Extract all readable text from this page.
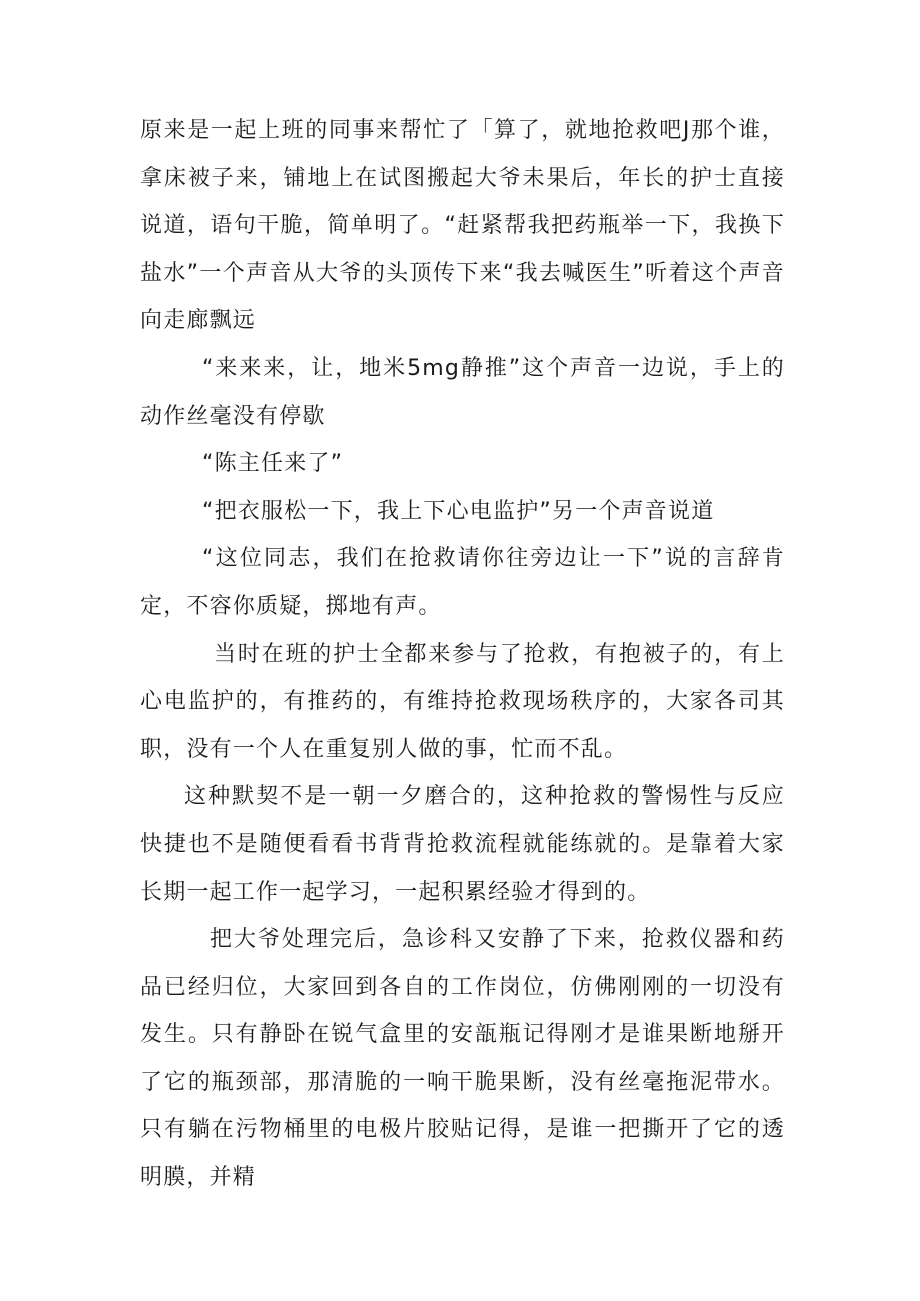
原来是一起上班的同事来帮忙了「算了，就地抢救吧J那个谁，拿床被子来，铺地上在试图搬起大爷未果后，年长的护士直接说道，语句干脆，简单明了。“赶紧帮我把药瓶举一下，我换下盐水”一个声音从大爷的头顶传下来“我去喊医生”听着这个声音向走廊飘远

“来来来，让，地米5mg静推”这个声音一边说，手上的动作丝毫没有停歇

“陈主任来了”

“把衣服松一下，我上下心电监护”另一个声音说道

“这位同志，我们在抢救请你往旁边让一下”说的言辞肯定，不容你质疑，掷地有声。

当时在班的护士全都来参与了抢救，有抱被子的，有上心电监护的，有推药的，有维持抢救现场秩序的，大家各司其职，没有一个人在重复别人做的事，忙而不乱。

这种默契不是一朝一夕磨合的，这种抢救的警惕性与反应快捷也不是随便看看书背背抢救流程就能练就的。是靠着大家长期一起工作一起学习，一起积累经验才得到的。

把大爷处理完后，急诊科又安静了下来，抢救仪器和药品已经归位，大家回到各自的工作岗位，仿佛刚刚的一切没有发生。只有静卧在锐气盒里的安瓿瓶记得刚才是谁果断地掰开了它的瓶颈部，那清脆的一响干脆果断，没有丝毫拖泥带水。只有躺在污物桶里的电极片胶贴记得，是谁一把撕开了它的透明膜，并精
